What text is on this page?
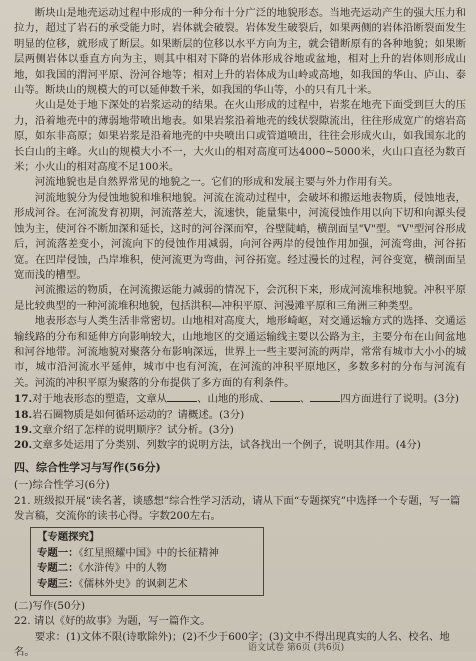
断块山是地壳运动过程中形成的一种分布十分广泛的地貌形态。当地壳运动产生的强大压力和拉力，超过了岩石的承受能力时，岩体就会破裂。岩体发生破裂后，如果两侧的岩体沿断裂面发生明显的位移，就形成了断层。如果断层的位移以水平方向为主，就会错断原有的各种地貌；如果断层两侧岩体以垂直方向为主，则其中相对下降的岩体形成谷地或盆地，相对上升的岩体则形成山地，如我国的渭河平原、汾河谷地等；相对上升的岩体成为山岭或高地，如我国的华山、庐山、泰山等。断块山的规模大的可以延伸数千米，如我国的华山等，小的只有几十米。

火山是处于地下深处的岩浆运动的结果。在火山形成的过程中，岩浆在地壳下面受到巨大的压力，沿着地壳中的薄弱地带喷出地表。如果岩浆沿着地壳的线状裂隙流出，往往形成宽广的熔岩高原，如东非高原；如果岩浆是沿着地壳的中央喷出口或管道喷出，往往会形成火山，如我国东北的长白山的主峰。火山的规模大小不一，大火山的相对高度可达4000~5000米，火山口直径为数百米；小火山的相对高度不足100米。

河流地貌也是自然界常见的地貌之一。它们的形成和发展主要与外力作用有关。

河流地貌分为侵蚀地貌和堆积地貌。河流在流动过程中，会破坏和搬运地表物质，侵蚀地表，形成河谷。在河流发育初期，河流落差大，流速快，能量集中，河流侵蚀作用以向下切和向源头侵蚀为主，使河谷不断加深和延长，这时的河谷深而窄，谷壁陡峭，横剖面呈"V"型。"V"型河谷形成后，河流落差变小，河流向下的侵蚀作用减弱，向河谷两岸的侵蚀作用加强，河流弯曲，河谷拓宽。在凹岸侵蚀，凸岸堆积，使河流更为弯曲，河谷拓宽。经过漫长的过程，河谷变宽，横剖面呈宽而浅的槽型。

河流搬运的物质，在河流搬运能力减弱的情况下，会沉积下来，形成河流堆积地貌。冲积平原是比较典型的一种河流堆积地貌，包括洪积—冲积平原、河漫滩平原和三角洲三种类型。

地表形态与人类生活非常密切。山地相对高度大，地形崎岖，对交通运输方式的选择、交通运输线路的分布和延伸方向影响较大，山地地区的交通运输线主要以公路为主，主要分布在山间盆地和河谷地带。河流地貌对聚落分布影响深远，世界上一些主要河流的两岸，常常有城市大小小的城市，城市沿河流水平延伸，城市中也有河流，在河流的冲积平原地区，多数多村的分布与河流有关。河流的冲积平原为聚落的分布提供了多方面的有利条件。

17.对于地表形态的塑造，文章从	、山地的形成、	、	四方面进行了说明。(3分)

18.岩石圈物质是如何循环运动的？请概述。(3分)

19.文章介绍了怎样的说明顺序？试分析。(3分)

20.文章多处运用了分类别、列数字的说明方法，试各找出一个例子，说明其作用。(4分)

四、综合性学习与写作(56分)

(一)综合性学习(6分)

21. 班级拟开展“读名著，谈感想”综合性学习活动，请从下面“专题探究”中选择一个专题，写一篇发言稿，交流你的读书心得。字数200左右。

【专题探究】

专题一：《红星照耀中国》中的长征精神

专题二：《水浒传》中的人物

专题三：《儒林外史》的讽刺艺术

(二)写作(50分)

22. 请以《好的故事》为题，写一篇作文。

要求：(1)文体不限(诗歌除外)；(2)不少于600字；(3)文中不得出现真实的人名、校名、地名。	语文试卷 第6页 (共6页)
